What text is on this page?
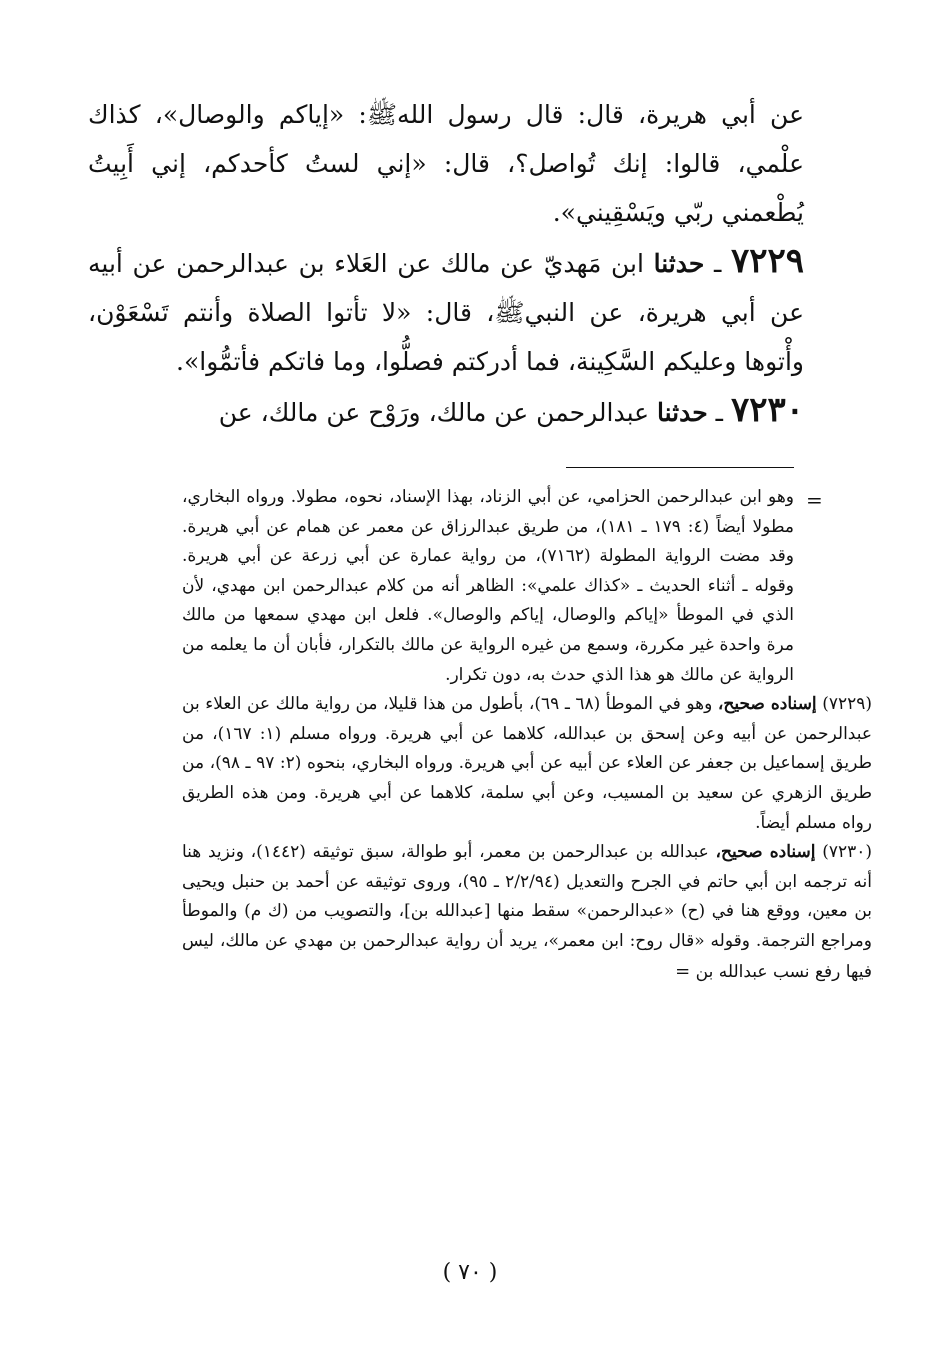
عن أبي هريرة، قال: قال رسول اللهﷺ: «إياكم والوصال»، كذاك علْمي، قالوا: إنك تُواصل؟، قال: «إني لستُ كأحدكم، إني أَبِيتُ يُطْعمني ربّي ويَسْقِيني».

٧٢٢٩ ـ حدثنا ابن مَهديّ عن مالك عن العَلاء بن عبدالرحمن عن أبيه عن أبي هريرة، عن النبيﷺ، قال: «لا تأتوا الصلاة وأنتم تَسْعَوْن، وأْتوها وعليكم السَّكِينة، فما أدركتم فصلُّوا، وما فاتكم فأتمُّوا».

٧٢٣٠ ـ حدثنا عبدالرحمن عن مالك، ورَوْح عن مالك، عن

=

وهو ابن عبدالرحمن الحزامي، عن أبي الزناد، بهذا الإسناد، نحوه، مطولا. ورواه البخاري، مطولا أيضاً (٤: ١٧٩ ـ ١٨١)، من طريق عبدالرزاق عن معمر عن همام عن أبي هريرة. وقد مضت الرواية المطولة (٧١٦٢)، من رواية عمارة عن أبي زرعة عن أبي هريرة. وقوله ـ أثناء الحديث ـ «كذاك علمي»: الظاهر أنه من كلام عبدالرحمن ابن مهدي، لأن الذي في الموطأ «إياكم والوصال، إياكم والوصال». فلعل ابن مهدي سمعها من مالك مرة واحدة غير مكررة، وسمع من غيره الرواية عن مالك بالتكرار، فأبان أن ما يعلمه من الرواية عن مالك هو هذا الذي حدث به، دون تكرار.

(٧٢٢٩) إسناده صحيح، وهو في الموطأ (٦٨ ـ ٦٩)، بأطول من هذا قليلا، من رواية مالك عن العلاء بن عبدالرحمن عن أبيه وعن إسحق بن عبدالله، كلاهما عن أبي هريرة. ورواه مسلم (١: ١٦٧)، من طريق إسماعيل بن جعفر عن العلاء عن أبيه عن أبي هريرة. ورواه البخاري، بنحوه (٢: ٩٧ ـ ٩٨)، من طريق الزهري عن سعيد بن المسيب، وعن أبي سلمة، كلاهما عن أبي هريرة. ومن هذه الطريق رواه مسلم أيضاً.

(٧٢٣٠) إسناده صحيح، عبدالله بن عبدالرحمن بن معمر، أبو طوالة، سبق توثيقه (١٤٤٢)، ونزيد هنا أنه ترجمه ابن أبي حاتم في الجرح والتعديل (٢/٢/٩٤ ـ ٩٥)، وروى توثيقه عن أحمد بن حنبل ويحيى بن معين، ووقع هنا في (ح) «عبدالرحمن» سقط منها [عبدالله بن]، والتصويب من (ك م) والموطأ ومراجع الترجمة. وقوله «قال روح: ابن معمر»، يريد أن رواية عبدالرحمن بن مهدي عن مالك، ليس فيها رفع نسب عبدالله بن =

( ٧٠ )
